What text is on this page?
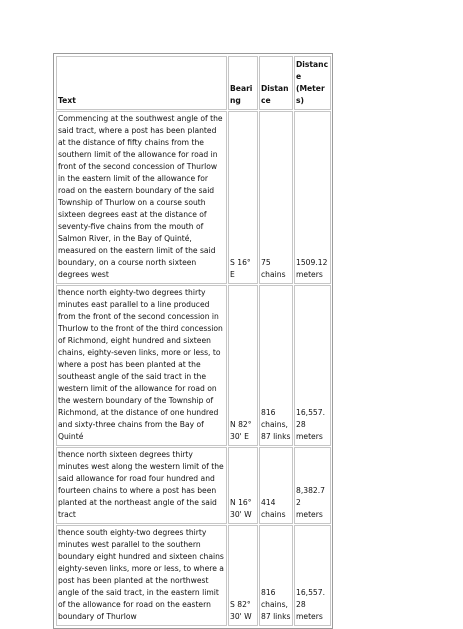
Text	Bearing	Distance	Distance (Meters)
Commencing at the southwest angle of the said tract, where a post has been planted at the distance of fifty chains from the southern limit of the allowance for road in front of the second concession of Thurlow in the eastern limit of the allowance for road on the eastern boundary of the said Township of Thurlow on a course south sixteen degrees east at the distance of seventy-five chains from the mouth of Salmon River, in the Bay of Quinté, measured on the eastern limit of the said boundary, on a course north sixteen degrees west	S 16° E	75 chains	1509.12 meters
thence north eighty-two degrees thirty minutes east parallel to a line produced from the front of the second concession in Thurlow to the front of the third concession of Richmond, eight hundred and sixteen chains, eighty-seven links, more or less, to where a post has been planted at the southeast angle of the said tract in the western limit of the allowance for road on the western boundary of the Township of Richmond, at the distance of one hundred and sixty-three chains from the Bay of Quinté	N 82° 30' E	816 chains, 87 links	16,557.28 meters
thence north sixteen degrees thirty minutes west along the western limit of the said allowance for road four hundred and fourteen chains to where a post has been planted at the northeast angle of the said tract	N 16° 30' W	414 chains	8,382.72 meters
thence south eighty-two degrees thirty minutes west parallel to the southern boundary eight hundred and sixteen chains eighty-seven links, more or less, to where a post has been planted at the northwest angle of the said tract, in the eastern limit of the allowance for road on the eastern boundary of Thurlow	S 82° 30' W	816 chains, 87 links	16,557.28 meters
